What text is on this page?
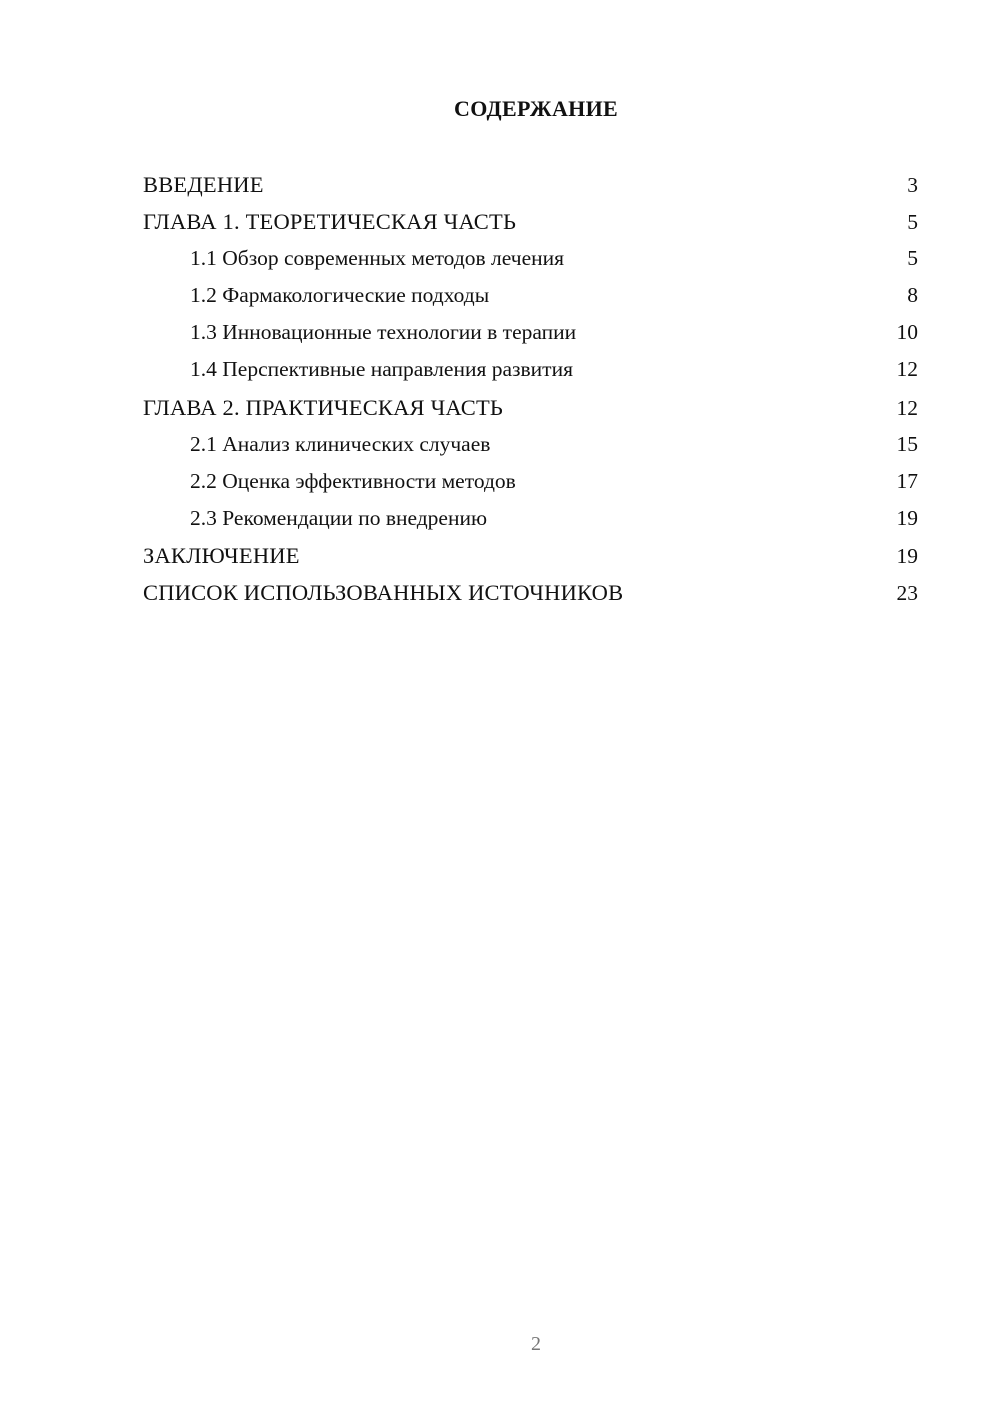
СОДЕРЖАНИЕ
ВВЕДЕНИЕ	3
ГЛАВА 1. ТЕОРЕТИЧЕСКАЯ ЧАСТЬ	5
1.1 Обзор современных методов лечения	5
1.2 Фармакологические подходы	8
1.3 Инновационные технологии в терапии	10
1.4 Перспективные направления развития	12
ГЛАВА 2. ПРАКТИЧЕСКАЯ ЧАСТЬ	12
2.1 Анализ клинических случаев	15
2.2 Оценка эффективности методов	17
2.3 Рекомендации по внедрению	19
ЗАКЛЮЧЕНИЕ	19
СПИСОК ИСПОЛЬЗОВАННЫХ ИСТОЧНИКОВ	23
2
